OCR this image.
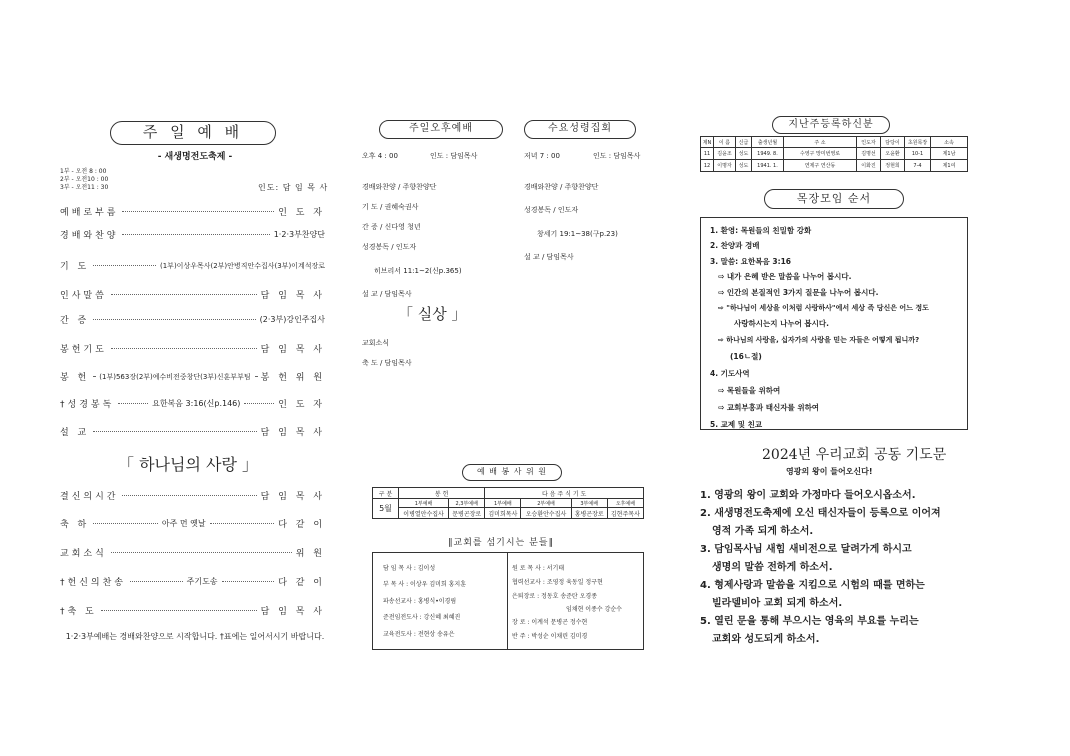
주 일 예 배
- 새생명전도축제 -
1부 - 오전 8 : 00
2부 - 오전10 : 00
3부 - 오전11 : 30	인도: 담 임 목 사
예배로부름	인 도 자
경배와찬양	1·2·3부찬양단
기 도	(1부)이상우목사(2부)안병직안수집사(3부)이계석장로
인사말씀	담 임 목 사
간 증	(2·3부)강인주집사
봉헌기도	담 임 목 사
봉 헌 (1부)563장(2부)예수비전중창단(3부)신훈부부팀 봉 헌 위 원
†성경봉독	요한복음 3:16(신p.146)	인 도 자
설 교	담 임 목 사
「 하나님의 사랑 」
결신의시간	담 임 목 사
축 하	아주 먼 옛날	다 같 이
교회소식	위 원
†헌신의찬송	주기도송	다 같 이
†축 도	담 임 목 사
1·2·3부예배는 경배와찬양으로 시작합니다. †표에는 일어서시기 바랍니다.
주일오후예배	수요성령집회
오후 4 : 00	인도 : 담임목사	저녁 7 : 00	인도 : 담임목사
경배와찬양 / 주향찬양단
기 도 / 권혜숙권사
간 증 / 신다영 청년
성경봉독 / 인도자
히브리서 11:1~2(신p.365)
설 교 / 담임목사
「 실상 」
교회소식
축 도 / 담임목사
경배와찬양 / 주향찬양단
성경봉독 / 인도자
창세기 19:1~38(구p.23)
설 교 / 담임목사
예 배 봉 사 위 원
구 분	봉 헌		다 음 주 식 기 도			
5월	1부예배	2,3부예배	1부예배	2부예배	3부예배	오후예배
	이병열안수집사	문병곤장로	김미희목사	오승환안수집사	홍병곤장로	김현주목사
∥교회를 섬기시는 분들∥
담 임 목 사 : 김이성
부 목 사 : 이상우 김미희 홍지훈
파송선교사 : 홍병식•이경림
준전임전도사 : 강신혜 최혜진
교육전도사 : 전현상 송유은
원 로 목 사 : 서기태
협력선교사 : 조영정 육동일 정구현
은퇴장로 : 정동호 송준탄 오경종
임채현 이종수 강순수
장 로 : 이계석 문병곤 정수현
반 주 : 박성순 이채린 김미경
지난주등록하신분
제N	이 름	신급	출생년월	주 소	인도자	담당이	초원목장	소속
11	김윤조	성도	1949. 8.	수영구 망미번영로	김명선	오윤환	10-1	제1남
12	이명자	성도	1941. 1.	연제구 연산동	이화진	정현희	7-4	제1여
목장모임 순서
1. 환영: 목원들의 친밀함 강화
2. 찬양과 경배
3. 말씀: 요한복음 3:16
⇨ 내가 은혜 받은 말씀을 나누어 봅시다.
⇨ 인간의 본질적인 3가지 질문을 나누어 봅시다.
⇨ "하나님이 세상을 이처럼 사랑하사"에서 세상 즉 당신은 어느 정도
사랑하시는지 나누어 봅시다.
⇨ 하나님의 사랑을, 십자가의 사랑을 믿는 자들은 어떻게 됩니까?
(16ㄴ절)
4. 기도사역
⇨ 목원들을 위하여
⇨ 교회부흥과 태신자를 위하여
5. 교제 및 친교
2024년 우리교회 공동 기도문
영광의 왕이 들어오신다!
1. 영광의 왕이 교회와 가정마다 들어오시옵소서.
2. 새생명전도축제에 오신 태신자들이 등록으로 이어져
영적 가족 되게 하소서.
3. 담임목사님 새힘 새비전으로 달려가게 하시고
생명의 말씀 전하게 하소서.
4. 형제사랑과 말씀을 지킴으로 시험의 때를 면하는
빌라델비아 교회 되게 하소서.
5. 열린 문을 통해 부으시는 영육의 부요를 누리는
교회와 성도되게 하소서.
